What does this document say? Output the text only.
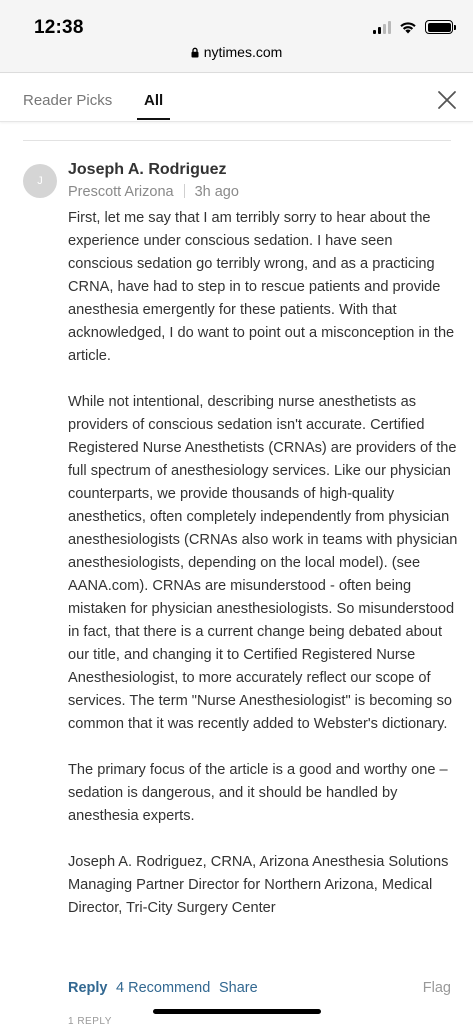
12:38
nytimes.com
Reader Picks All
J
Joseph A. Rodriguez
Prescott Arizona 3h ago
First, let me say that I am terribly sorry to hear about the experience under conscious sedation. I have seen conscious sedation go terribly wrong, and as a practicing CRNA, have had to step in to rescue patients and provide anesthesia emergently for these patients. With that acknowledged, I do want to point out a misconception in the article.

While not intentional, describing nurse anesthetists as providers of conscious sedation isn't accurate. Certified Registered Nurse Anesthetists (CRNAs) are providers of the full spectrum of anesthesiology services. Like our physician counterparts, we provide thousands of high-quality anesthetics, often completely independently from physician anesthesiologists (CRNAs also work in teams with physician anesthesiologists, depending on the local model). (see AANA.com). CRNAs are misunderstood - often being mistaken for physician anesthesiologists. So misunderstood in fact, that there is a current change being debated about our title, and changing it to Certified Registered Nurse Anesthesiologist, to more accurately reflect our scope of services. The term "Nurse Anesthesiologist" is becoming so common that it was recently added to Webster's dictionary.

The primary focus of the article is a good and worthy one – sedation is dangerous, and it should be handled by anesthesia experts.

Joseph A. Rodriguez, CRNA, Arizona Anesthesia Solutions Managing Partner Director for Northern Arizona, Medical Director, Tri-City Surgery Center
Reply 4 Recommend Share	Flag
1 REPLY
